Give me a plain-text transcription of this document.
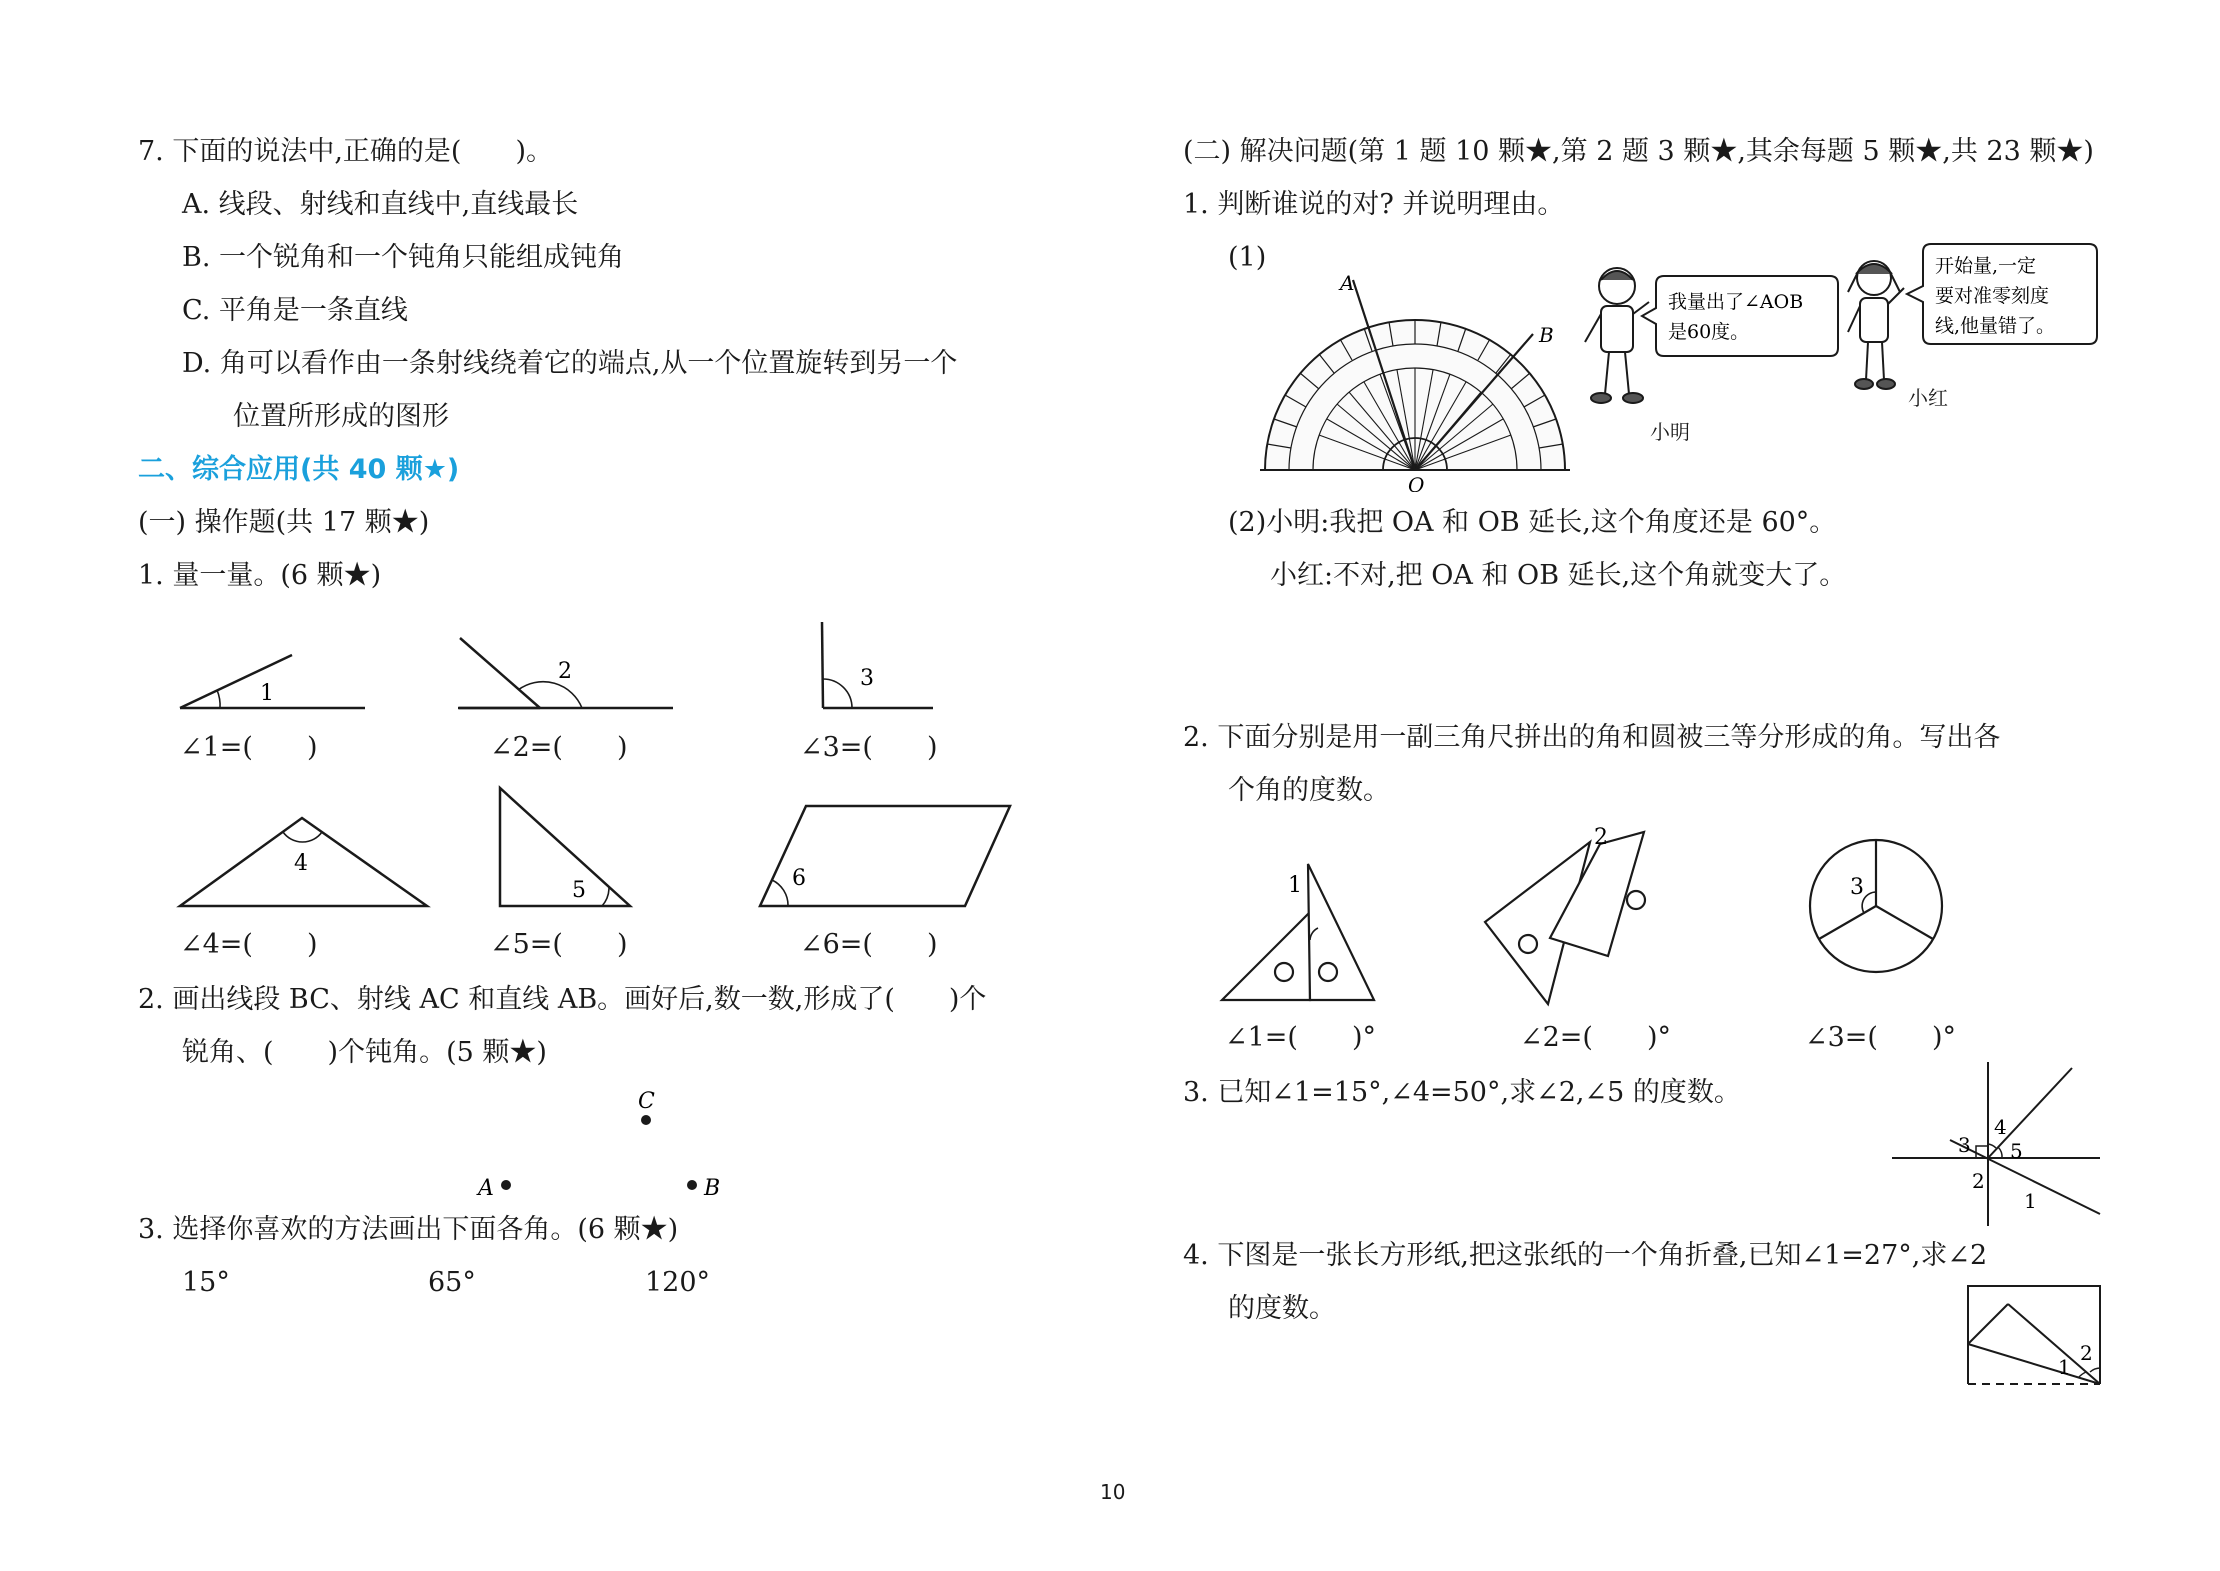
7. 下面的说法中,正确的是(　　)。
A. 线段、射线和直线中,直线最长
B. 一个锐角和一个钝角只能组成钝角
C. 平角是一条直线
D. 角可以看作由一条射线绕着它的端点,从一个位置旋转到另一个
位置所形成的图形
二、综合应用(共 40 颗★)
(一) 操作题(共 17 颗★)
1. 量一量。(6 颗★)
1
2	3
4
5	6
∠1=(　　)	∠2=(　　)	∠3=(　　)
∠4=(　　)	∠5=(　　)	∠6=(　　)
2. 画出线段 BC、射线 AC 和直线 AB。画好后,数一数,形成了(　　)个
锐角、(　　)个钝角。(5 颗★)
C
A	B
3. 选择你喜欢的方法画出下面各角。(6 颗★)
15°	65°	120°
(二) 解决问题(第 1 题 10 颗★,第 2 题 3 颗★,其余每题 5 颗★,共 23 颗★)
1. 判断谁说的对? 并说明理由。
(1)
A
B
O
我量出了∠AOB
是60度。
小明
开始量,一定
要对准零刻度
线,他量错了。
小红
(2)小明:我把 OA 和 OB 延长,这个角度还是 60°。
小红:不对,把 OA 和 OB 延长,这个角就变大了。
2. 下面分别是用一副三角尺拼出的角和圆被三等分形成的角。写出各
个角的度数。
1
2
3
∠1=(　　)°	∠2=(　　)°	∠3=(　　)°
3. 已知∠1=15°,∠4=50°,求∠2,∠5 的度数。
1
2
3
4
5
4. 下图是一张长方形纸,把这张纸的一个角折叠,已知∠1=27°,求∠2
的度数。
1
2
10
